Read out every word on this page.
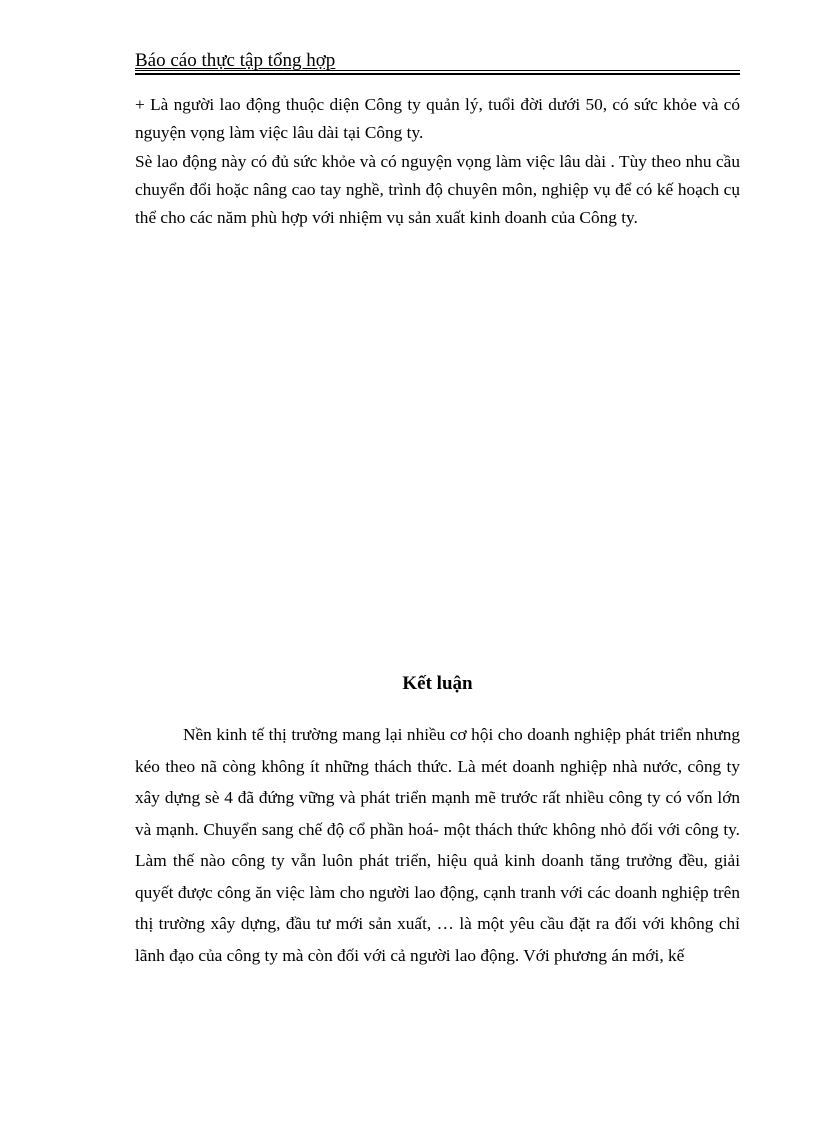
Báo cáo thực tập tổng hợp

+ Là người lao động thuộc diện Công ty quản lý, tuổi đời dưới 50, có sức khỏe và có nguyện vọng làm việc lâu dài tại Công ty.

Sè lao động này có đủ sức khỏe và có nguyện vọng làm việc lâu dài . Tùy theo nhu cầu chuyển đổi hoặc nâng cao tay nghề, trình độ chuyên môn, nghiệp vụ để có kế hoạch cụ thể cho các năm phù hợp với nhiệm vụ sản xuất kinh doanh của Công ty.

Kết luận

Nền kinh tế thị trường mang lại nhiều cơ hội cho doanh nghiệp phát triển nhưng kéo theo nã còng không ít những thách thức. Là mét doanh nghiệp nhà nước, công ty xây dựng sè 4 đã đứng vững và phát triển mạnh mẽ trước rất nhiều công ty có vốn lớn và mạnh. Chuyển sang chế độ cổ phần hoá- một thách thức không nhỏ đối với công ty. Làm thế nào công ty vẫn luôn phát triển, hiệu quả kinh doanh tăng trưởng đều, giải quyết được công ăn việc làm cho người lao động, cạnh tranh với các doanh nghiệp trên thị trường xây dựng, đầu tư mới sản xuất, … là một yêu cầu đặt ra đối với không chỉ lãnh đạo của công ty mà còn đối với cả người lao động. Với phương án mới, kế
